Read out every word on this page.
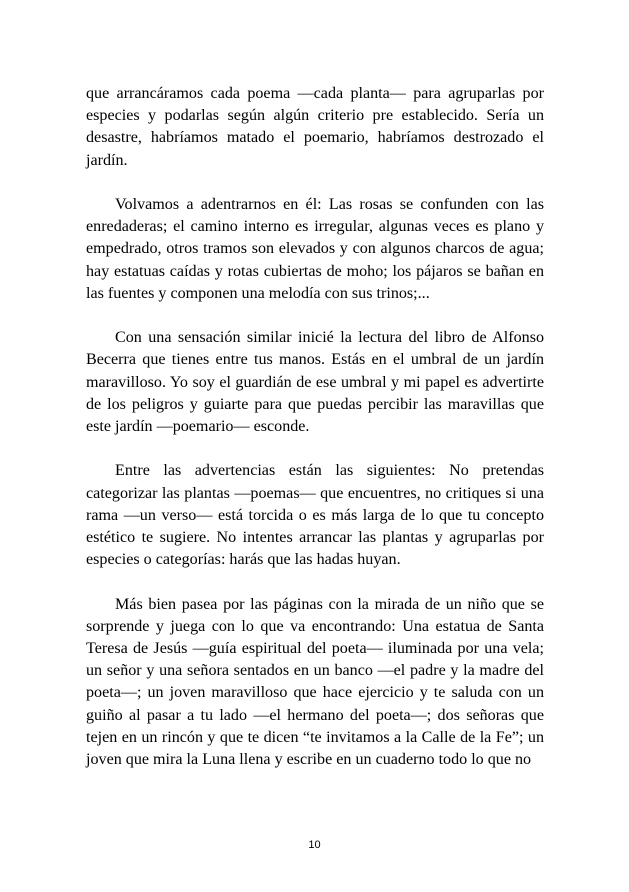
que arrancáramos cada poema —cada planta— para agruparlas por especies y podarlas según algún criterio pre establecido. Sería un desastre, habríamos matado el poemario, habríamos destrozado el jardín.

Volvamos a adentrarnos en él: Las rosas se confunden con las enredaderas; el camino interno es irregular, algunas veces es plano y empedrado, otros tramos son elevados y con algunos charcos de agua; hay estatuas caídas y rotas cubiertas de moho; los pájaros se bañan en las fuentes y componen una melodía con sus trinos;...

Con una sensación similar inicié la lectura del libro de Alfonso Becerra que tienes entre tus manos. Estás en el umbral de un jardín maravilloso. Yo soy el guardián de ese umbral y mi papel es advertirte de los peligros y guiarte para que puedas percibir las maravillas que este jardín —poemario— esconde.

Entre las advertencias están las siguientes: No pretendas categorizar las plantas —poemas— que encuentres, no critiques si una rama —un verso— está torcida o es más larga de lo que tu concepto estético te sugiere. No intentes arrancar las plantas y agruparlas por especies o categorías: harás que las hadas huyan.

Más bien pasea por las páginas con la mirada de un niño que se sorprende y juega con lo que va encontrando: Una estatua de Santa Teresa de Jesús —guía espiritual del poeta— iluminada por una vela; un señor y una señora sentados en un banco —el padre y la madre del poeta—; un joven maravilloso que hace ejercicio y te saluda con un guiño al pasar a tu lado —el hermano del poeta—; dos señoras que tejen en un rincón y que te dicen “te invitamos a la Calle de la Fe”; un joven que mira la Luna llena y escribe en un cuaderno todo lo que no

10
